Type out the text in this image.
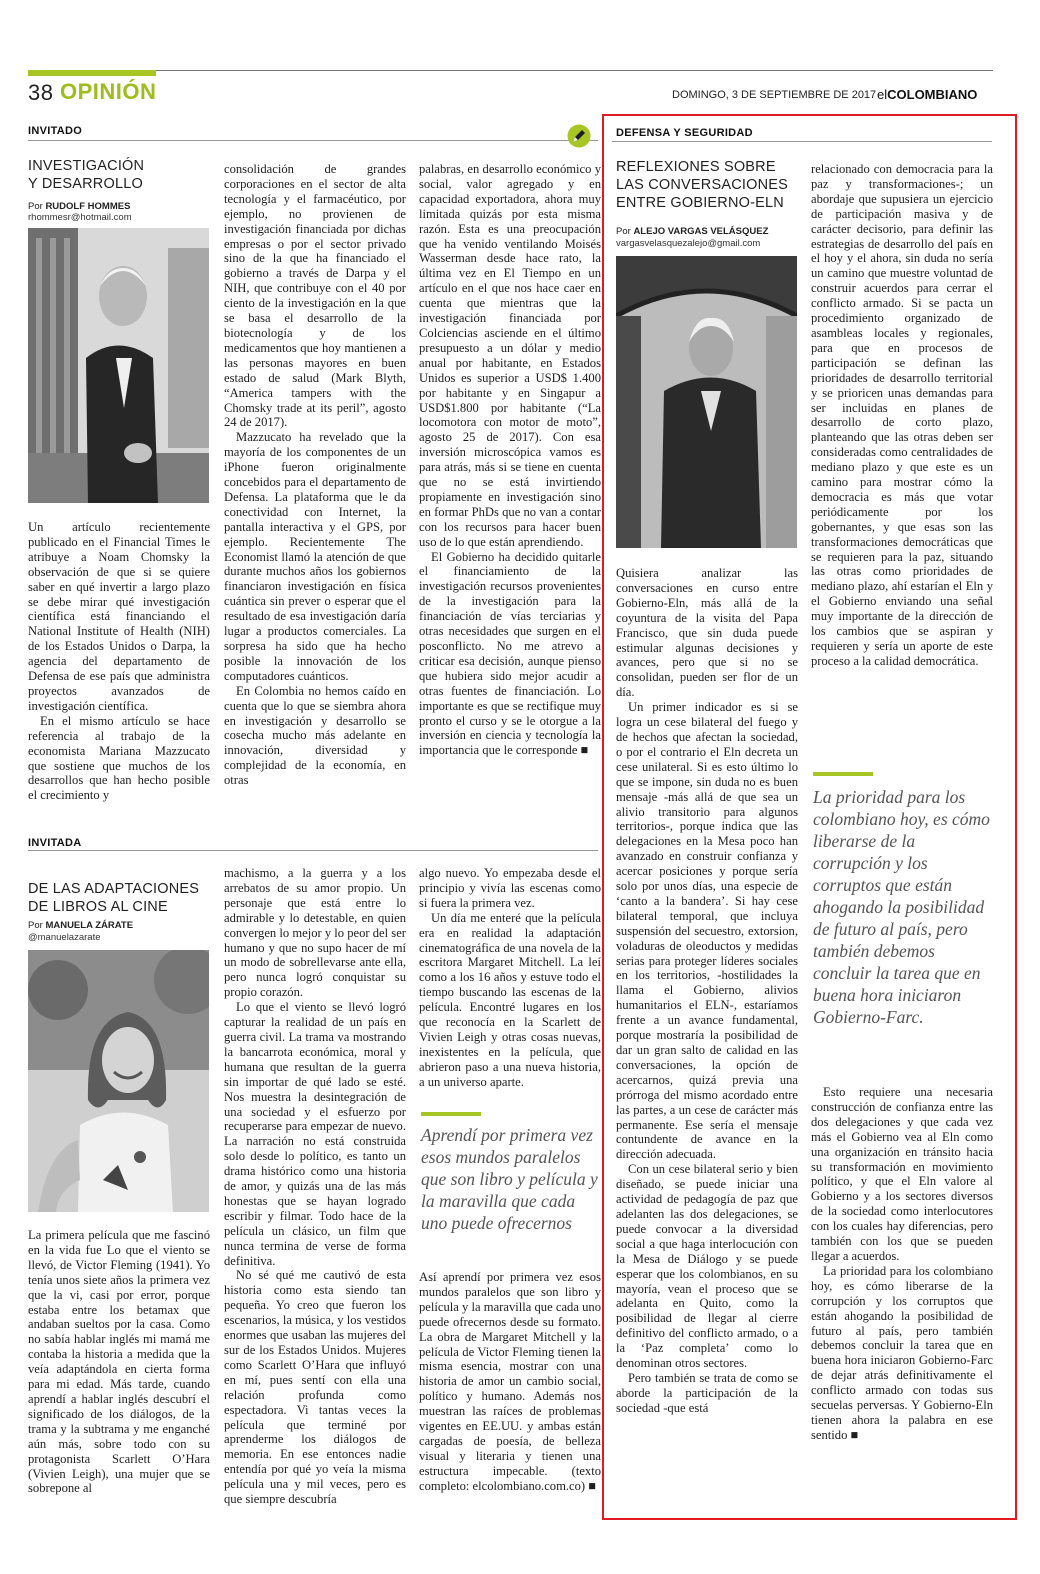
38 OPINIÓN	DOMINGO, 3 DE SEPTIEMBRE DE 2017 elCOLOMBIANO
INVITADO
INVESTIGACIÓN
Y DESARROLLO
Por RUDOLF HOMMES
rhommesr@hotmail.com

Un artículo recientemente publicado en el Financial Times le atribuye a Noam Chomsky la observación de que si se quiere saber en qué invertir a largo plazo se debe mirar qué investigación científica está financiando el National Institute of Health (NIH) de los Estados Unidos o Darpa, la agencia del departamento de Defensa de ese país que administra proyectos avanzados de investigación científica.

En el mismo artículo se hace referencia al trabajo de la economista Mariana Mazzucato que sostiene que muchos de los desarrollos que han hecho posible el crecimiento y

consolidación de grandes corporaciones en el sector de alta tecnología y el farmacéutico, por ejemplo, no provienen de investigación financiada por dichas empresas o por el sector privado sino de la que ha financiado el gobierno a través de Darpa y el NIH, que contribuye con el 40 por ciento de la investigación en la que se basa el desarrollo de la biotecnología y de los medicamentos que hoy mantienen a las personas mayores en buen estado de salud (Mark Blyth, “America tampers with the Chomsky trade at its peril”, agosto 24 de 2017).

Mazzucato ha revelado que la mayoría de los componentes de un iPhone fueron originalmente concebidos para el departamento de Defensa. La plataforma que le da conectividad con Internet, la pantalla interactiva y el GPS, por ejemplo. Recientemente The Economist llamó la atención de que durante muchos años los gobiernos financiaron investigación en física cuántica sin prever o esperar que el resultado de esa investigación daría lugar a productos comerciales. La sorpresa ha sido que ha hecho posible la innovación de los computadores cuánticos.

En Colombia no hemos caído en cuenta que lo que se siembra ahora en investigación y desarrollo se cosecha mucho más adelante en innovación, diversidad y complejidad de la economía, en otras

palabras, en desarrollo económico y social, valor agregado y en capacidad exportadora, ahora muy limitada quizás por esta misma razón. Esta es una preocupación que ha venido ventilando Moisés Wasserman desde hace rato, la última vez en El Tiempo en un artículo en el que nos hace caer en cuenta que mientras que la investigación financiada por Colciencias asciende en el último presupuesto a un dólar y medio anual por habitante, en Estados Unidos es superior a USD$ 1.400 por habitante y en Singapur a USD$1.800 por habitante (“La locomotora con motor de moto”, agosto 25 de 2017). Con esa inversión microscópica vamos es para atrás, más si se tiene en cuenta que no se está invirtiendo propiamente en investigación sino en formar PhDs que no van a contar con los recursos para hacer buen uso de lo que están aprendiendo.

El Gobierno ha decidido quitarle el financiamiento de la investigación recursos provenientes de la investigación para la financiación de vías terciarias y otras necesidades que surgen en el posconflicto. No me atrevo a criticar esa decisión, aunque pienso que hubiera sido mejor acudir a otras fuentes de financiación. Lo importante es que se rectifique muy pronto el curso y se le otorgue a la inversión en ciencia y tecnología la importancia que le corresponde ■

INVITADA
DE LAS ADAPTACIONES
DE LIBROS AL CINE
Por MANUELA ZÁRATE
@manuelazarate

La primera película que me fascinó en la vida fue Lo que el viento se llevó, de Victor Fleming (1941). Yo tenía unos siete años la primera vez que la vi, casi por error, porque estaba entre los betamax que andaban sueltos por la casa. Como no sabía hablar inglés mi mamá me contaba la historia a medida que la veía adaptándola en cierta forma para mi edad. Más tarde, cuando aprendí a hablar inglés descubrí el significado de los diálogos, de la trama y la subtrama y me enganché aún más, sobre todo con su protagonista Scarlett O’Hara (Vivien Leigh), una mujer que se sobrepone al

machismo, a la guerra y a los arrebatos de su amor propio. Un personaje que está entre lo admirable y lo detestable, en quien convergen lo mejor y lo peor del ser humano y que no supo hacer de mí un modo de sobrellevarse ante ella, pero nunca logró conquistar su propio corazón.

Lo que el viento se llevó logró capturar la realidad de un país en guerra civil. La trama va mostrando la bancarrota económica, moral y humana que resultan de la guerra sin importar de qué lado se esté. Nos muestra la desintegración de una sociedad y el esfuerzo por recuperarse para empezar de nuevo. La narración no está construida solo desde lo político, es tanto un drama histórico como una historia de amor, y quizás una de las más honestas que se hayan logrado escribir y filmar. Todo hace de la película un clásico, un film que nunca termina de verse de forma definitiva.

No sé qué me cautivó de esta historia como esta siendo tan pequeña. Yo creo que fueron los escenarios, la música, y los vestidos enormes que usaban las mujeres del sur de los Estados Unidos. Mujeres como Scarlett O’Hara que influyó en mí, pues sentí con ella una relación profunda como espectadora. Vi tantas veces la película que terminé por aprenderme los diálogos de memoria. En ese entonces nadie entendía por qué yo veía la misma película una y mil veces, pero es que siempre descubría

algo nuevo. Yo empezaba desde el principio y vivía las escenas como si fuera la primera vez.

Un día me enteré que la película era en realidad la adaptación cinematográfica de una novela de la escritora Margaret Mitchell. La leí como a los 16 años y estuve todo el tiempo buscando las escenas de la película. Encontré lugares en los que reconocía en la Scarlett de Vivien Leigh y otras cosas nuevas, inexistentes en la película, que abrieron paso a una nueva historia, a un universo aparte.

Aprendí por primera vez esos mundos paralelos que son libro y película y la maravilla que cada uno puede ofrecernos

Así aprendí por primera vez esos mundos paralelos que son libro y película y la maravilla que cada uno puede ofrecernos desde su formato. La obra de Margaret Mitchell y la película de Victor Fleming tienen la misma esencia, mostrar con una historia de amor un cambio social, político y humano. Además nos muestran las raíces de problemas vigentes en EE.UU. y ambas están cargadas de poesía, de belleza visual y literaria y tienen una estructura impecable. (texto completo: elcolombiano.com.co) ■

DEFENSA Y SEGURIDAD
REFLEXIONES SOBRE
LAS CONVERSACIONES
ENTRE GOBIERNO-ELN
Por ALEJO VARGAS VELÁSQUEZ
vargasvelasquezalejo@gmail.com

Quisiera analizar las conversaciones en curso entre Gobierno-Eln, más allá de la coyuntura de la visita del Papa Francisco, que sin duda puede estimular algunas decisiones y avances, pero que si no se consolidan, pueden ser flor de un día.

Un primer indicador es si se logra un cese bilateral del fuego y de hechos que afectan la sociedad, o por el contrario el Eln decreta un cese unilateral. Si es esto último lo que se impone, sin duda no es buen mensaje -más allá de que sea un alivio transitorio para algunos territorios-, porque indica que las delegaciones en la Mesa poco han avanzado en construir confianza y acercar posiciones y porque sería solo por unos días, una especie de ‘canto a la bandera’. Si hay cese bilateral temporal, que incluya suspensión del secuestro, extorsion, voladuras de oleoductos y medidas serias para proteger líderes sociales en los territorios, -hostilidades la llama el Gobierno, alivios humanitarios el ELN-, estaríamos frente a un avance fundamental, porque mostraría la posibilidad de dar un gran salto de calidad en las conversaciones, la opción de acercarnos, quizá previa una prórroga del mismo acordado entre las partes, a un cese de carácter más permanente. Ese sería el mensaje contundente de avance en la dirección adecuada.

Con un cese bilateral serio y bien diseñado, se puede iniciar una actividad de pedagogía de paz que adelanten las dos delegaciones, se puede convocar a la diversidad social a que haga interlocución con la Mesa de Diálogo y se puede esperar que los colombianos, en su mayoría, vean el proceso que se adelanta en Quito, como la posibilidad de llegar al cierre definitivo del conflicto armado, o a la ‘Paz completa’ como lo denominan otros sectores.

Pero también se trata de como se aborde la participación de la sociedad -que está

relacionado con democracia para la paz y transformaciones-; un abordaje que supusiera un ejercicio de participación masiva y de carácter decisorio, para definir las estrategias de desarrollo del país en el hoy y el ahora, sin duda no sería un camino que muestre voluntad de construir acuerdos para cerrar el conflicto armado. Si se pacta un procedimiento organizado de asambleas locales y regionales, para que en procesos de participación se definan las prioridades de desarrollo territorial y se prioricen unas demandas para ser incluidas en planes de desarrollo de corto plazo, planteando que las otras deben ser consideradas como centralidades de mediano plazo y que este es un camino para mostrar cómo la democracia es más que votar periódicamente por los gobernantes, y que esas son las transformaciones democráticas que se requieren para la paz, situando las otras como prioridades de mediano plazo, ahí estarían el Eln y el Gobierno enviando una señal muy importante de la dirección de los cambios que se aspiran y requieren y sería un aporte de este proceso a la calidad democrática.

La prioridad para los colombiano hoy, es cómo liberarse de la corrupción y los corruptos que están ahogando la posibilidad de futuro al país, pero también debemos concluir la tarea que en buena hora iniciaron Gobierno-Farc.

Esto requiere una necesaria construcción de confianza entre las dos delegaciones y que cada vez más el Gobierno vea al Eln como una organización en tránsito hacia su transformación en movimiento político, y que el Eln valore al Gobierno y a los sectores diversos de la sociedad como interlocutores con los cuales hay diferencias, pero también con los que se pueden llegar a acuerdos.

La prioridad para los colombiano hoy, es cómo liberarse de la corrupción y los corruptos que están ahogando la posibilidad de futuro al país, pero también debemos concluir la tarea que en buena hora iniciaron Gobierno-Farc de dejar atrás definitivamente el conflicto armado con todas sus secuelas perversas. Y Gobierno-Eln tienen ahora la palabra en ese sentido ■
